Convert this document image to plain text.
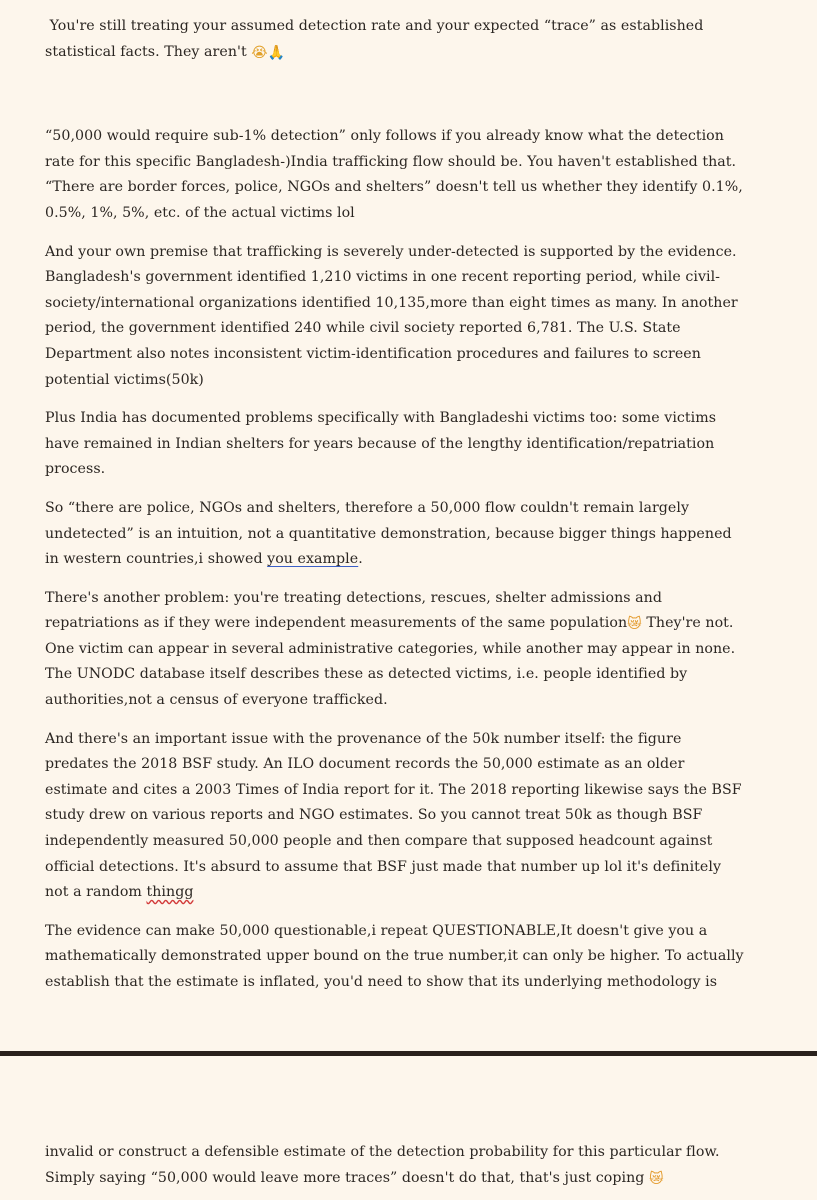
You're still treating your assumed detection rate and your expected “trace” as established statistical facts. They aren't 😭🙏

“50,000 would require sub-1% detection” only follows if you already know what the detection rate for this specific Bangladesh-)India trafficking flow should be. You haven't established that. “There are border forces, police, NGOs and shelters” doesn't tell us whether they identify 0.1%, 0.5%, 1%, 5%, etc. of the actual victims lol

And your own premise that trafficking is severely under-detected is supported by the evidence. Bangladesh's government identified 1,210 victims in one recent reporting period, while civil-society/international organizations identified 10,135,more than eight times as many. In another period, the government identified 240 while civil society reported 6,781. The U.S. State Department also notes inconsistent victim-identification procedures and failures to screen potential victims(50k)

Plus India has documented problems specifically with Bangladeshi victims too: some victims have remained in Indian shelters for years because of the lengthy identification/repatriation process.

So “there are police, NGOs and shelters, therefore a 50,000 flow couldn't remain largely undetected” is an intuition, not a quantitative demonstration, because bigger things happened in western countries,i showed you example.

There's another problem: you're treating detections, rescues, shelter admissions and repatriations as if they were independent measurements of the same population😿 They're not. One victim can appear in several administrative categories, while another may appear in none. The UNODC database itself describes these as detected victims, i.e. people identified by authorities,not a census of everyone trafficked.

And there's an important issue with the provenance of the 50k number itself: the figure predates the 2018 BSF study. An ILO document records the 50,000 estimate as an older estimate and cites a 2003 Times of India report for it. The 2018 reporting likewise says the BSF study drew on various reports and NGO estimates. So you cannot treat 50k as though BSF independently measured 50,000 people and then compare that supposed headcount against official detections. It's absurd to assume that BSF just made that number up lol it's definitely not a random thingg

The evidence can make 50,000 questionable,i repeat QUESTIONABLE,It doesn't give you a mathematically demonstrated upper bound on the true number,it can only be higher. To actually establish that the estimate is inflated, you'd need to show that its underlying methodology is

invalid or construct a defensible estimate of the detection probability for this particular flow. Simply saying “50,000 would leave more traces” doesn't do that, that's just coping 😿
